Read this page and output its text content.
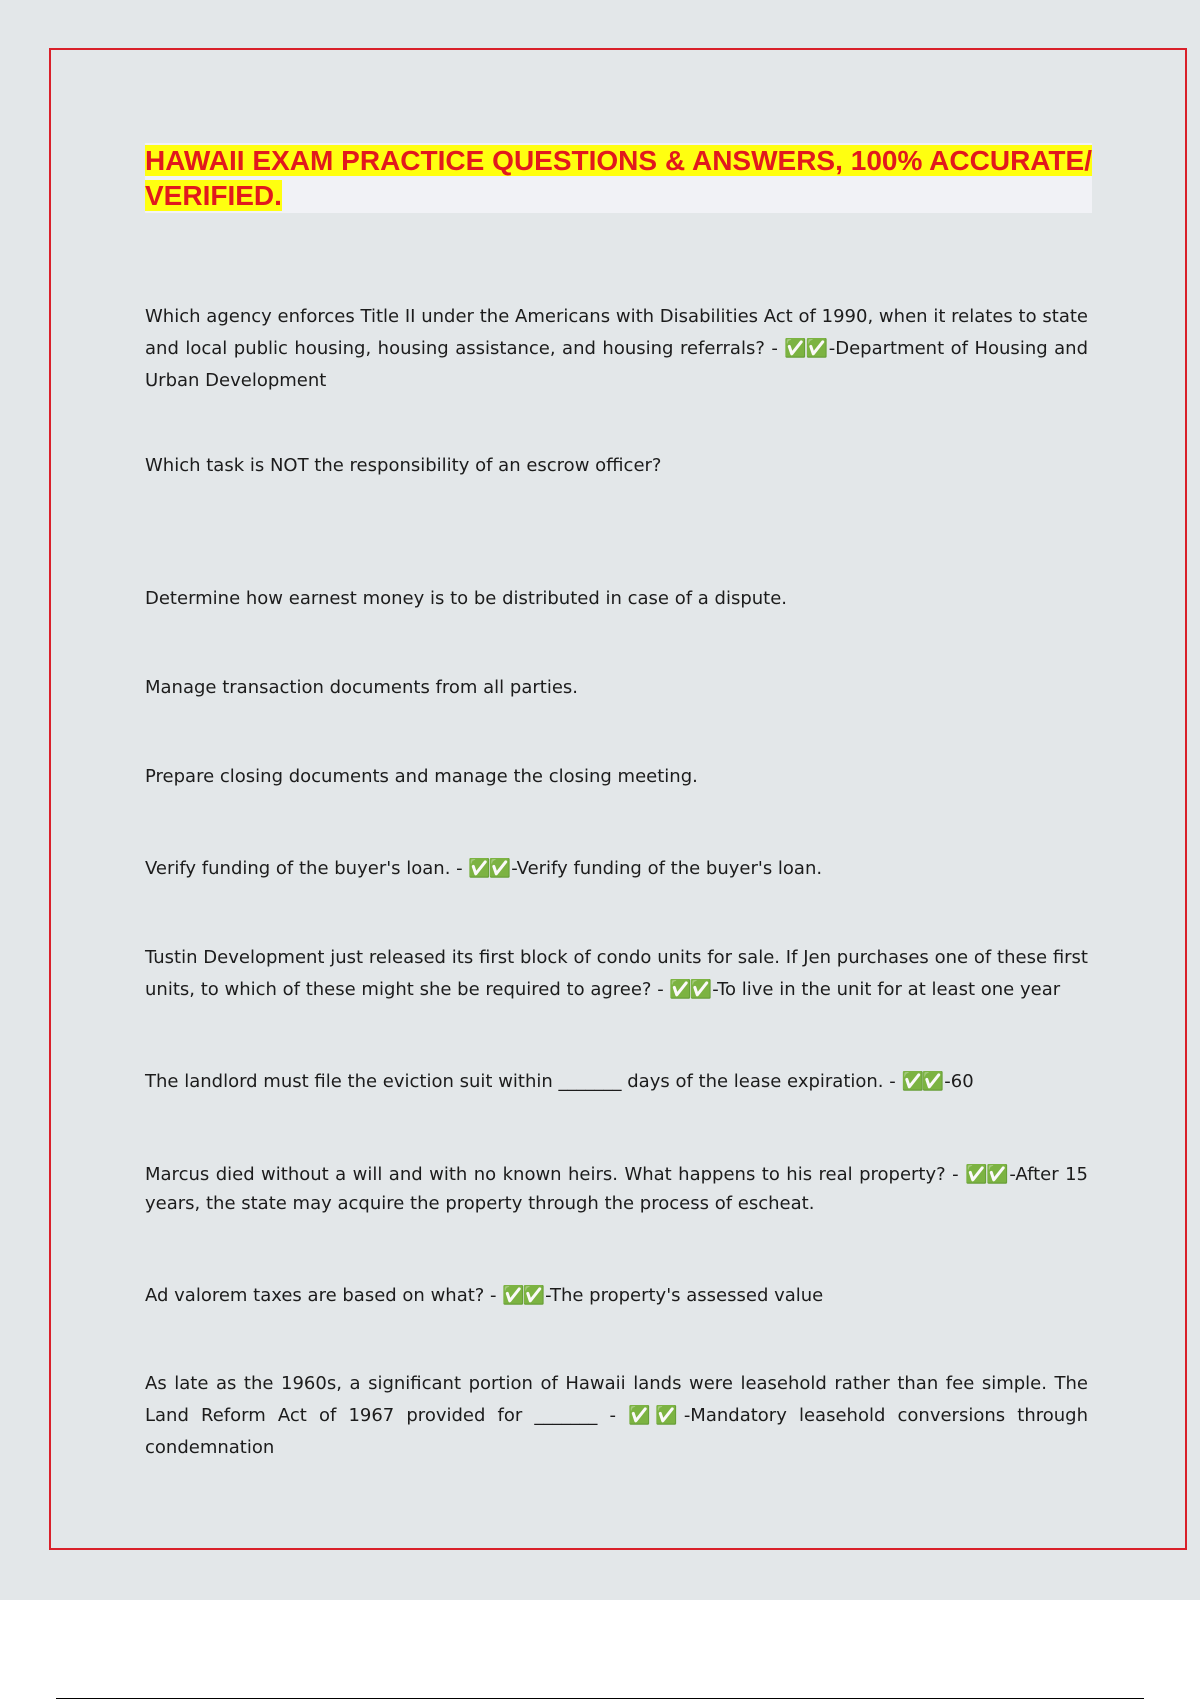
HAWAII EXAM PRACTICE QUESTIONS & ANSWERS, 100% ACCURATE/ VERIFIED.

Which agency enforces Title II under the Americans with Disabilities Act of 1990, when it relates to state and local public housing, housing assistance, and housing referrals? - ✅✅ -Department of Housing and Urban Development

Which task is NOT the responsibility of an escrow officer?

Determine how earnest money is to be distributed in case of a dispute.

Manage transaction documents from all parties.

Prepare closing documents and manage the closing meeting.

Verify funding of the buyer's loan. - ✅✅ -Verify funding of the buyer's loan.

Tustin Development just released its first block of condo units for sale. If Jen purchases one of these first units, to which of these might she be required to agree? - ✅✅ -To live in the unit for at least one year

The landlord must file the eviction suit within _______ days of the lease expiration. - ✅✅ -60

Marcus died without a will and with no known heirs. What happens to his real property? - ✅✅ -After 15 years, the state may acquire the property through the process of escheat.

Ad valorem taxes are based on what? - ✅✅ -The property's assessed value

As late as the 1960s, a significant portion of Hawaii lands were leasehold rather than fee simple. The Land Reform Act of 1967 provided for _______ - ✅✅ -Mandatory leasehold conversions through condemnation
